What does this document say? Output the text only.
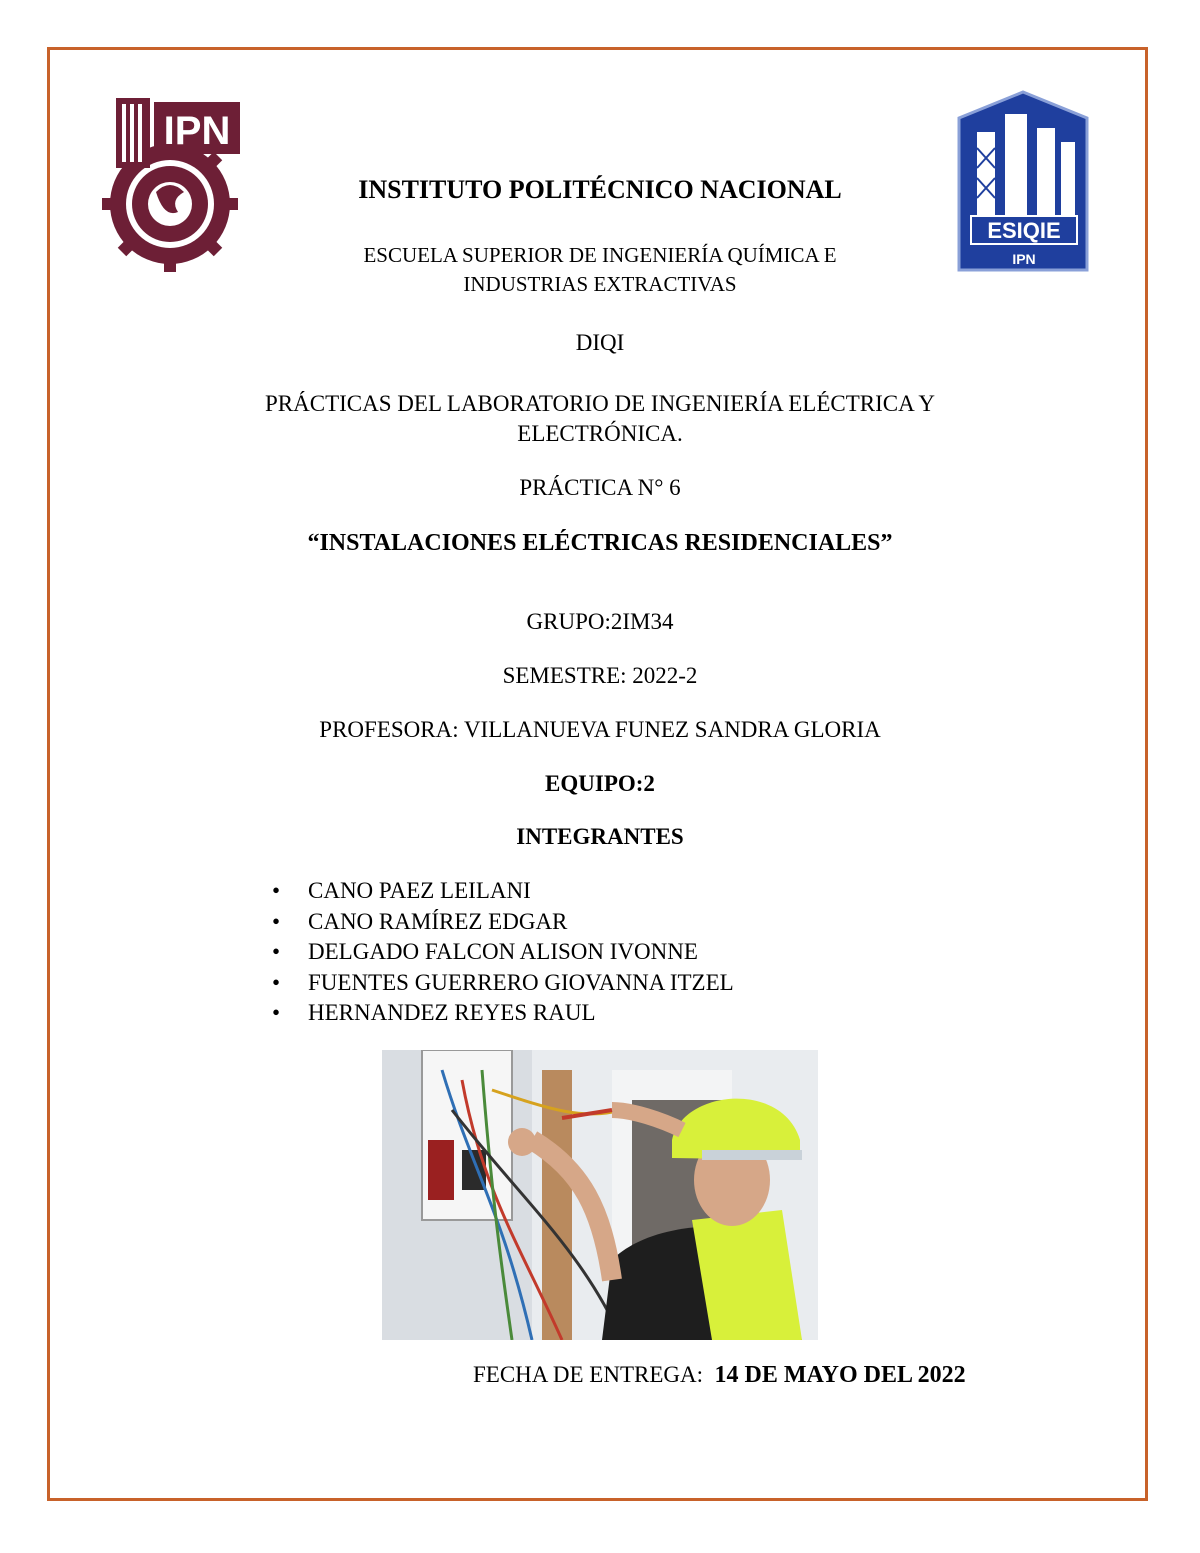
IPN
ESIQIE
IPN
INSTITUTO POLITÉCNICO NACIONAL
ESCUELA SUPERIOR DE INGENIERÍA QUÍMICA E
INDUSTRIAS EXTRACTIVAS
DIQI
PRÁCTICAS DEL LABORATORIO DE INGENIERÍA ELÉCTRICA Y
ELECTRÓNICA.
PRÁCTICA N° 6
“INSTALACIONES ELÉCTRICAS RESIDENCIALES”
GRUPO:2IM34
SEMESTRE: 2022-2
PROFESORA: VILLANUEVA FUNEZ SANDRA GLORIA
EQUIPO:2
INTEGRANTES
• CANO PAEZ LEILANI
• CANO RAMÍREZ EDGAR
• DELGADO FALCON ALISON IVONNE
• FUENTES GUERRERO GIOVANNA ITZEL
• HERNANDEZ REYES RAUL
FECHA DE ENTREGA: 14 DE MAYO DEL 2022
